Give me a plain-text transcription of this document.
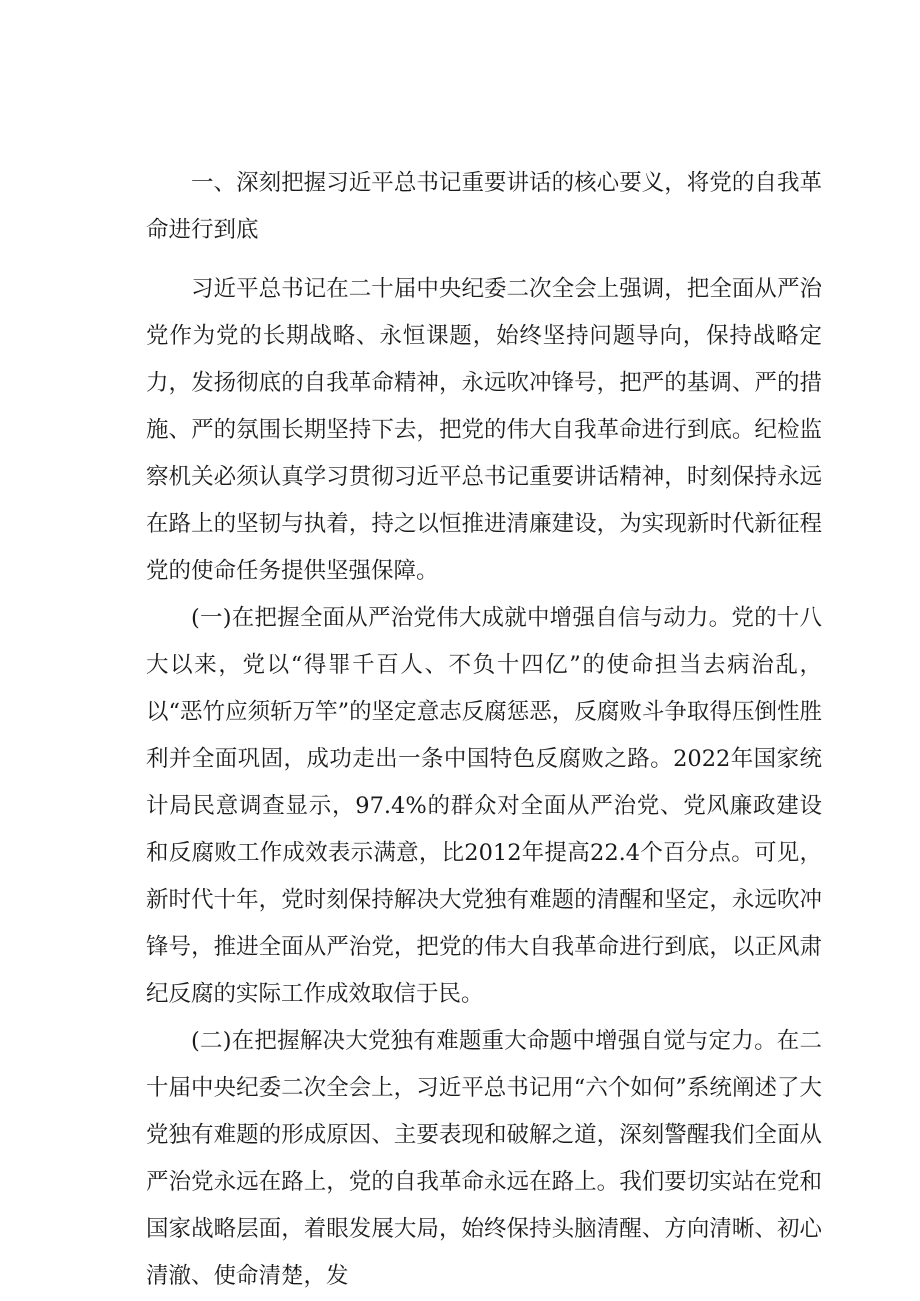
一、深刻把握习近平总书记重要讲话的核心要义，将党的自我革命进行到底

习近平总书记在二十届中央纪委二次全会上强调，把全面从严治党作为党的长期战略、永恒课题，始终坚持问题导向，保持战略定力，发扬彻底的自我革命精神，永远吹冲锋号，把严的基调、严的措施、严的氛围长期坚持下去，把党的伟大自我革命进行到底。纪检监察机关必须认真学习贯彻习近平总书记重要讲话精神，时刻保持永远在路上的坚韧与执着，持之以恒推进清廉建设，为实现新时代新征程党的使命任务提供坚强保障。

(一)在把握全面从严治党伟大成就中增强自信与动力。党的十八大以来，党以“得罪千百人、不负十四亿”的使命担当去病治乱，以“恶竹应须斩万竿”的坚定意志反腐惩恶，反腐败斗争取得压倒性胜利并全面巩固，成功走出一条中国特色反腐败之路。2022年国家统计局民意调查显示，97.4%的群众对全面从严治党、党风廉政建设和反腐败工作成效表示满意，比2012年提高22.4个百分点。可见，新时代十年，党时刻保持解决大党独有难题的清醒和坚定，永远吹冲锋号，推进全面从严治党，把党的伟大自我革命进行到底，以正风肃纪反腐的实际工作成效取信于民。

(二)在把握解决大党独有难题重大命题中增强自觉与定力。在二十届中央纪委二次全会上，习近平总书记用“六个如何”系统阐述了大党独有难题的形成原因、主要表现和破解之道，深刻警醒我们全面从严治党永远在路上，党的自我革命永远在路上。我们要切实站在党和国家战略层面，着眼发展大局，始终保持头脑清醒、方向清晰、初心清澈、使命清楚，发
